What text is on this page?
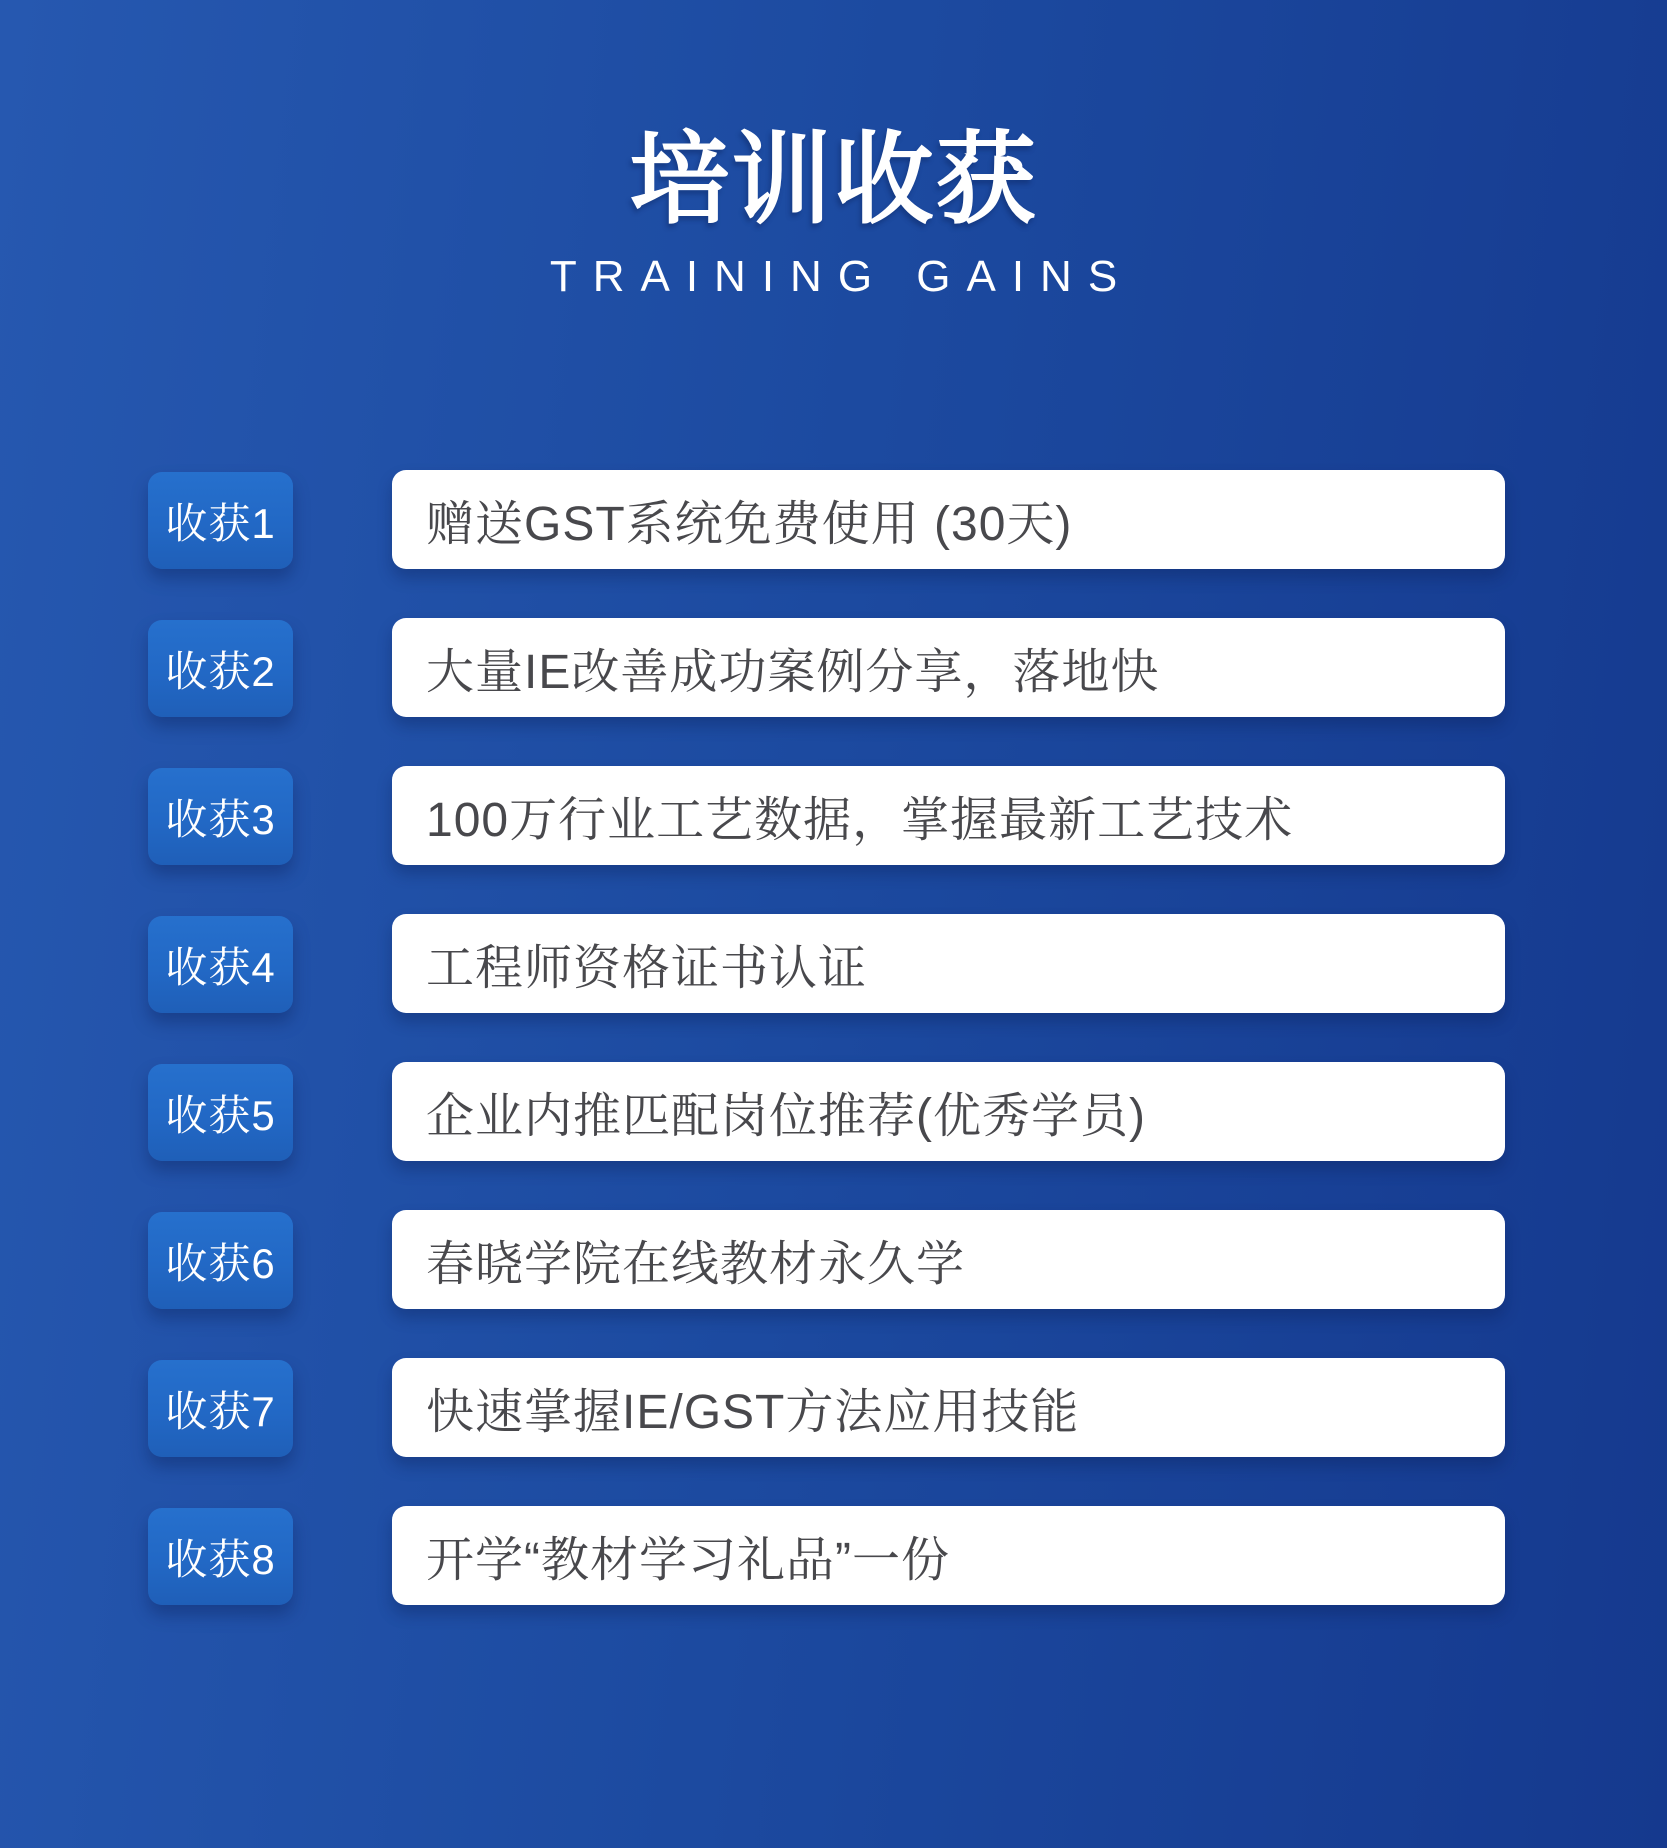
培训收获
TRAINING GAINS
收获1	赠送GST系统免费使用 (30天)
收获2	大量IE改善成功案例分享，落地快
收获3	100万行业工艺数据，掌握最新工艺技术
收获4	工程师资格证书认证
收获5	企业内推匹配岗位推荐(优秀学员)
收获6	春晓学院在线教材永久学
收获7	快速掌握IE/GST方法应用技能
收获8	开学“教材学习礼品”一份
